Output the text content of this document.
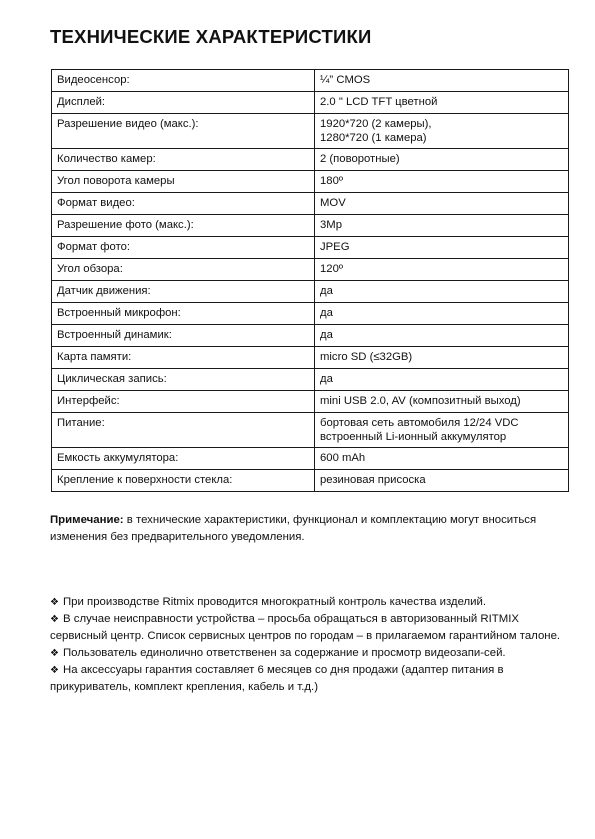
ТЕХНИЧЕСКИЕ ХАРАКТЕРИСТИКИ
Видеосенсор:	¼” CMOS
Дисплей:	2.0 " LCD TFT цветной
Разрешение видео (макс.):	1920*720 (2 камеры),
1280*720 (1 камера)
Количество камер:	2 (поворотные)
Угол поворота камеры	180º
Формат видео:	MOV
Разрешение фото (макс.):	3Mp
Формат фото:	JPEG
Угол обзора:	120º
Датчик движения:	да
Встроенный микрофон:	да
Встроенный динамик:	да
Карта памяти:	micro SD (≤32GB)
Циклическая запись:	да
Интерфейс:	mini USB 2.0, AV (композитный выход)
Питание:	бортовая сеть автомобиля 12/24 VDC
встроенный Li-ионный аккумулятор
Емкость аккумулятора:	600 mAh
Крепление к поверхности стекла:	резиновая присоска

Примечание: в технические характеристики, функционал и комплектацию могут вноситься изменения без предварительного уведомления.

❖ При производстве Ritmix проводится многократный контроль качества изделий.
❖ В случае неисправности устройства – просьба обращаться в авторизованный RITMIX сервисный центр. Список сервисных центров по городам – в прилагаемом гарантийном талоне.
❖ Пользователь единолично ответственен за содержание и просмотр видеозапи-сей.
❖ На аксессуары гарантия составляет 6 месяцев со дня продажи (адаптер питания в прикуриватель, комплект крепления, кабель и т.д.)
